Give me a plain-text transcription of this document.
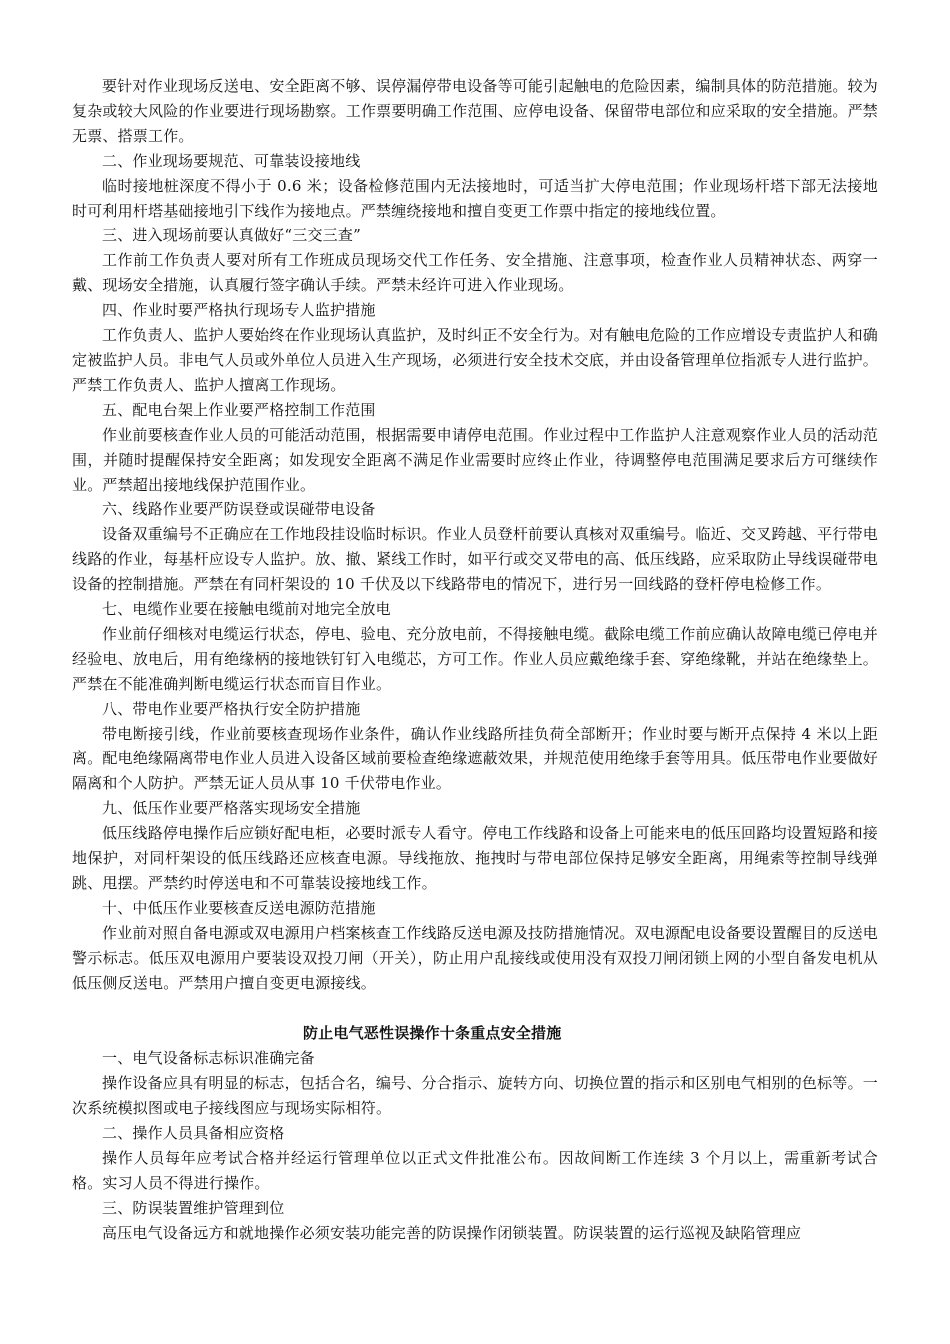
要针对作业现场反送电、安全距离不够、误停漏停带电设备等可能引起触电的危险因素，编制具体的防范措施。较为复杂或较大风险的作业要进行现场勘察。工作票要明确工作范围、应停电设备、保留带电部位和应采取的安全措施。严禁无票、搭票工作。

二、作业现场要规范、可靠装设接地线

临时接地桩深度不得小于 0.6 米；设备检修范围内无法接地时，可适当扩大停电范围；作业现场杆塔下部无法接地时可利用杆塔基础接地引下线作为接地点。严禁缠绕接地和擅自变更工作票中指定的接地线位置。

三、进入现场前要认真做好“三交三查”

工作前工作负责人要对所有工作班成员现场交代工作任务、安全措施、注意事项，检查作业人员精神状态、两穿一戴、现场安全措施，认真履行签字确认手续。严禁未经许可进入作业现场。

四、作业时要严格执行现场专人监护措施

工作负责人、监护人要始终在作业现场认真监护，及时纠正不安全行为。对有触电危险的工作应增设专责监护人和确定被监护人员。非电气人员或外单位人员进入生产现场，必须进行安全技术交底，并由设备管理单位指派专人进行监护。严禁工作负责人、监护人擅离工作现场。

五、配电台架上作业要严格控制工作范围

作业前要核查作业人员的可能活动范围，根据需要申请停电范围。作业过程中工作监护人注意观察作业人员的活动范围，并随时提醒保持安全距离；如发现安全距离不满足作业需要时应终止作业，待调整停电范围满足要求后方可继续作业。严禁超出接地线保护范围作业。

六、线路作业要严防误登或误碰带电设备

设备双重编号不正确应在工作地段挂设临时标识。作业人员登杆前要认真核对双重编号。临近、交叉跨越、平行带电线路的作业，每基杆应设专人监护。放、撤、紧线工作时，如平行或交叉带电的高、低压线路，应采取防止导线误碰带电设备的控制措施。严禁在有同杆架设的 10 千伏及以下线路带电的情况下，进行另一回线路的登杆停电检修工作。

七、电缆作业要在接触电缆前对地完全放电

作业前仔细核对电缆运行状态，停电、验电、充分放电前，不得接触电缆。截除电缆工作前应确认故障电缆已停电并经验电、放电后，用有绝缘柄的接地铁钉钉入电缆芯，方可工作。作业人员应戴绝缘手套、穿绝缘靴，并站在绝缘垫上。严禁在不能准确判断电缆运行状态而盲目作业。

八、带电作业要严格执行安全防护措施

带电断接引线，作业前要核查现场作业条件，确认作业线路所挂负荷全部断开；作业时要与断开点保持 4 米以上距离。配电绝缘隔离带电作业人员进入设备区域前要检查绝缘遮蔽效果，并规范使用绝缘手套等用具。低压带电作业要做好隔离和个人防护。严禁无证人员从事 10 千伏带电作业。

九、低压作业要严格落实现场安全措施

低压线路停电操作后应锁好配电柜，必要时派专人看守。停电工作线路和设备上可能来电的低压回路均设置短路和接地保护，对同杆架设的低压线路还应核查电源。导线拖放、拖拽时与带电部位保持足够安全距离，用绳索等控制导线弹跳、甩摆。严禁约时停送电和不可靠装设接地线工作。

十、中低压作业要核查反送电源防范措施

作业前对照自备电源或双电源用户档案核查工作线路反送电源及技防措施情况。双电源配电设备要设置醒目的反送电警示标志。低压双电源用户要装设双投刀闸（开关），防止用户乱接线或使用没有双投刀闸闭锁上网的小型自备发电机从低压侧反送电。严禁用户擅自变更电源接线。

防止电气恶性误操作十条重点安全措施

一、电气设备标志标识准确完备

操作设备应具有明显的标志，包括合名，编号、分合指示、旋转方向、切换位置的指示和区别电气相别的色标等。一次系统模拟图或电子接线图应与现场实际相符。

二、操作人员具备相应资格

操作人员每年应考试合格并经运行管理单位以正式文件批准公布。因故间断工作连续 3 个月以上，需重新考试合格。实习人员不得进行操作。

三、防误装置维护管理到位

高压电气设备远方和就地操作必须安装功能完善的防误操作闭锁装置。防误装置的运行巡视及缺陷管理应
